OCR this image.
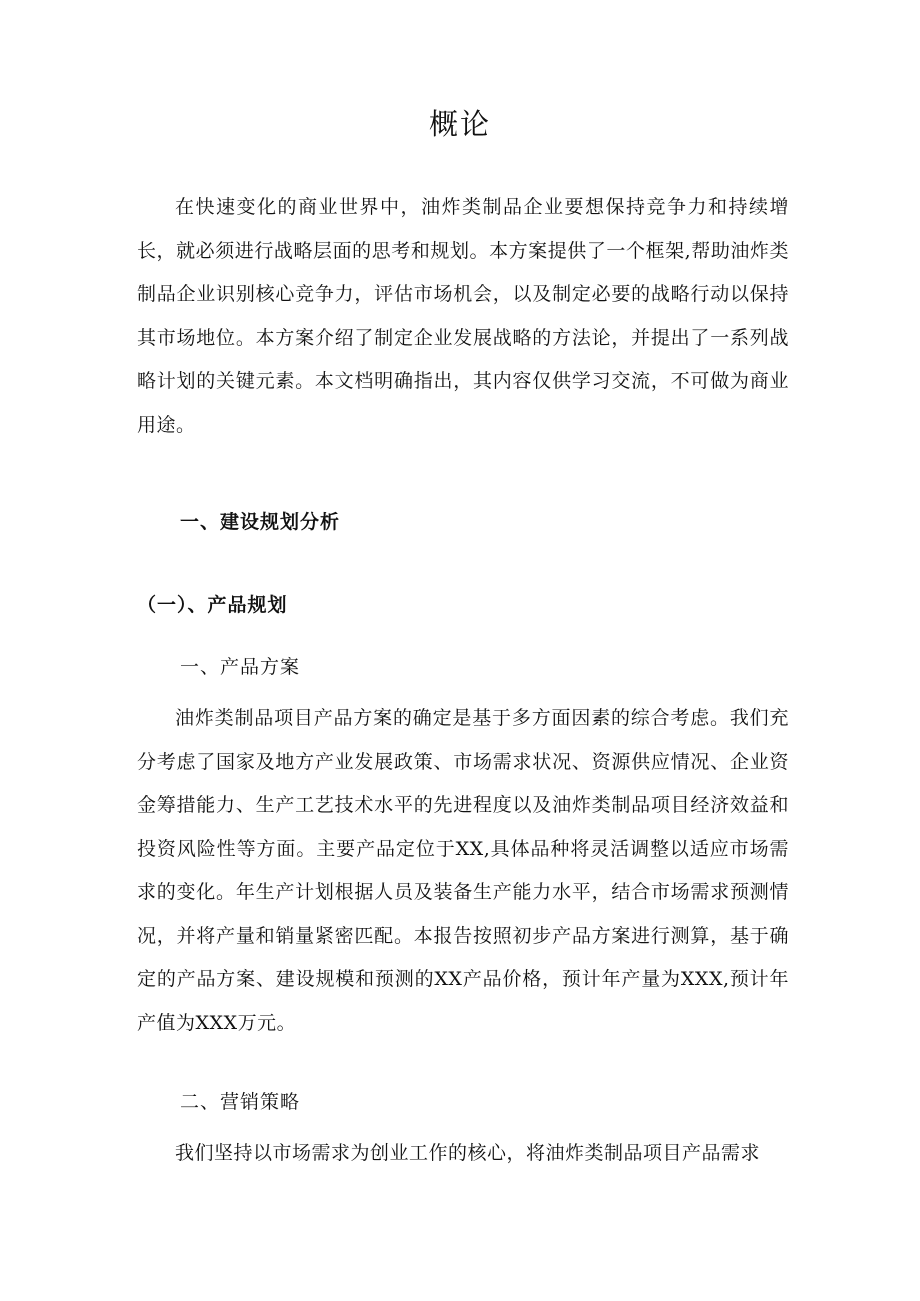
概论

在快速变化的商业世界中，油炸类制品企业要想保持竞争力和持续增长，就必须进行战略层面的思考和规划。本方案提供了一个框架,帮助油炸类制品企业识别核心竞争力，评估市场机会，以及制定必要的战略行动以保持其市场地位。本方案介绍了制定企业发展战略的方法论，并提出了一系列战略计划的关键元素。本文档明确指出，其内容仅供学习交流，不可做为商业用途。

一、建设规划分析
（一）、产品规划
一、产品方案

油炸类制品项目产品方案的确定是基于多方面因素的综合考虑。我们充分考虑了国家及地方产业发展政策、市场需求状况、资源供应情况、企业资金筹措能力、生产工艺技术水平的先进程度以及油炸类制品项目经济效益和投资风险性等方面。主要产品定位于XX,具体品种将灵活调整以适应市场需求的变化。年生产计划根据人员及装备生产能力水平，结合市场需求预测情况，并将产量和销量紧密匹配。本报告按照初步产品方案进行测算，基于确定的产品方案、建设规模和预测的XX产品价格，预计年产量为XXX,预计年产值为XXX万元。

二、营销策略

我们坚持以市场需求为创业工作的核心，将油炸类制品项目产品需求
